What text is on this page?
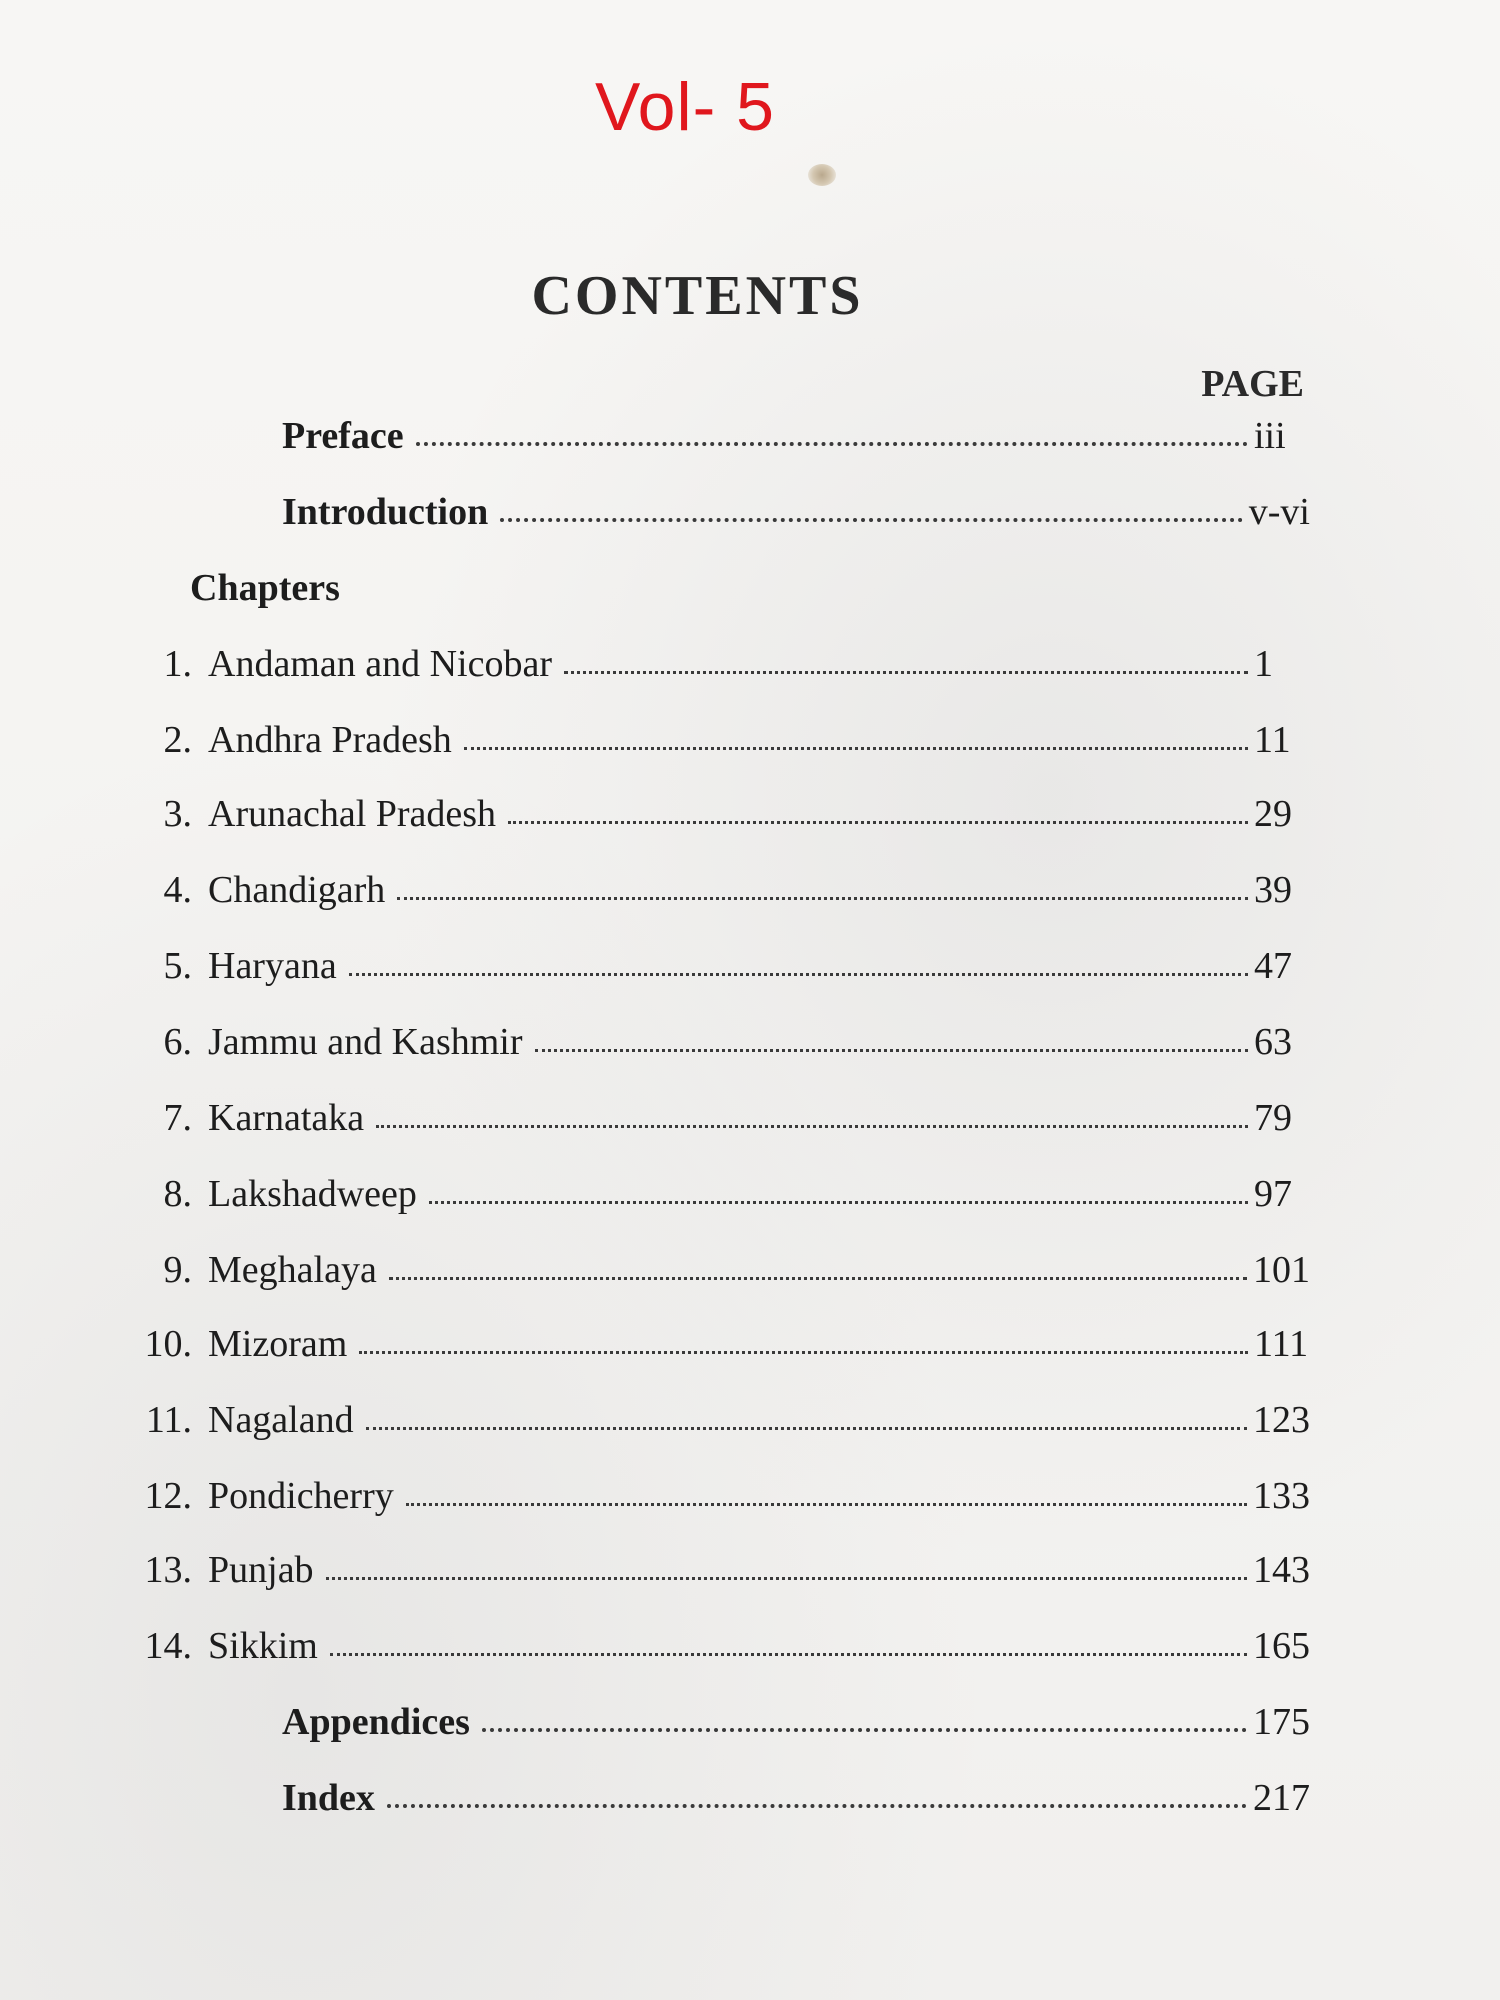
Vol- 5
CONTENTS
PAGE
Preface	iii
Introduction	v-vi
Chapters
1. Andaman and Nicobar	1
2. Andhra Pradesh	11
3. Arunachal Pradesh	29
4. Chandigarh	39
5. Haryana	47
6. Jammu and Kashmir	63
7. Karnataka	79
8. Lakshadweep	97
9. Meghalaya	101
10. Mizoram	111
11. Nagaland	123
12. Pondicherry	133
13. Punjab	143
14. Sikkim	165
Appendices	175
Index	217
